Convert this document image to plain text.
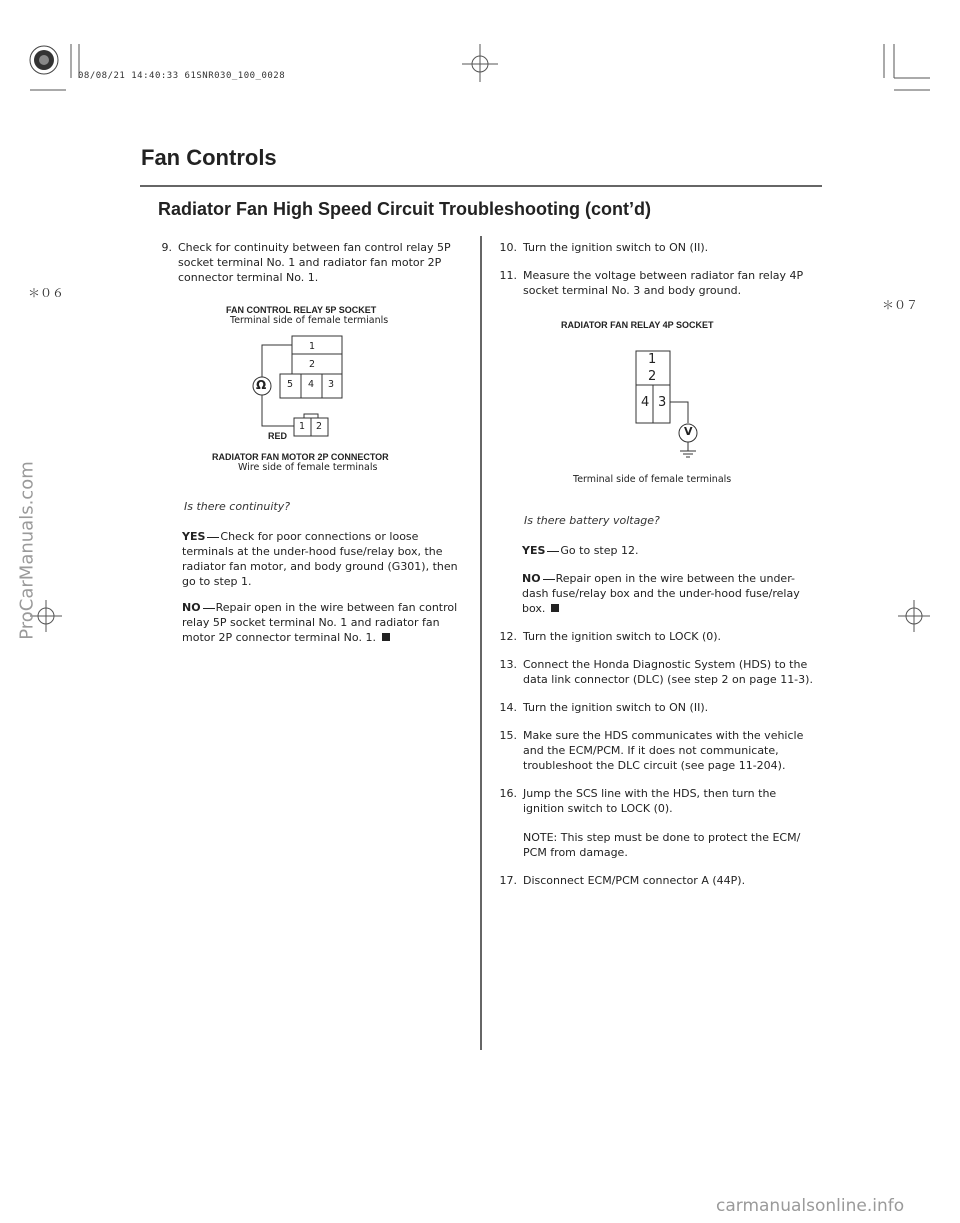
08/08/21 14:40:33 61SNR030_100_0028
＊０６
＊０７
Fan Controls
Radiator Fan High Speed Circuit Troubleshooting (cont’d)
9. Check for continuity between fan control relay 5P
socket terminal No. 1 and radiator fan motor 2P
connector terminal No. 1.
FAN CONTROL RELAY 5P SOCKET
Terminal side of female termianls
1
2
5 4 3
Ω
1 2
RED
RADIATOR FAN MOTOR 2P CONNECTOR
Wire side of female terminals
Is there continuity?
YES Check for poor connections or loose
terminals at the under-hood fuse/relay box, the
radiator fan motor, and body ground (G301), then
go to step 1.
NO Repair open in the wire between fan control
relay 5P socket terminal No. 1 and radiator fan
motor 2P connector terminal No. 1.
10. Turn the ignition switch to ON (II).
11. Measure the voltage between radiator fan relay 4P
socket terminal No. 3 and body ground.
RADIATOR FAN RELAY 4P SOCKET
1
2
4 3
V
Terminal side of female terminals
Is there battery voltage?
YES Go to step 12.
NO Repair open in the wire between the under-
dash fuse/relay box and the under-hood fuse/relay
box.
12. Turn the ignition switch to LOCK (0).
13. Connect the Honda Diagnostic System (HDS) to the
data link connector (DLC) (see step 2 on page 11-3).
14. Turn the ignition switch to ON (II).
15. Make sure the HDS communicates with the vehicle
and the ECM/PCM. If it does not communicate,
troubleshoot the DLC circuit (see page 11-204).
16. Jump the SCS line with the HDS, then turn the
ignition switch to LOCK (0).
NOTE: This step must be done to protect the ECM/
PCM from damage.
17. Disconnect ECM/PCM connector A (44P).
ProCarManuals.com
carmanualsonline.info
